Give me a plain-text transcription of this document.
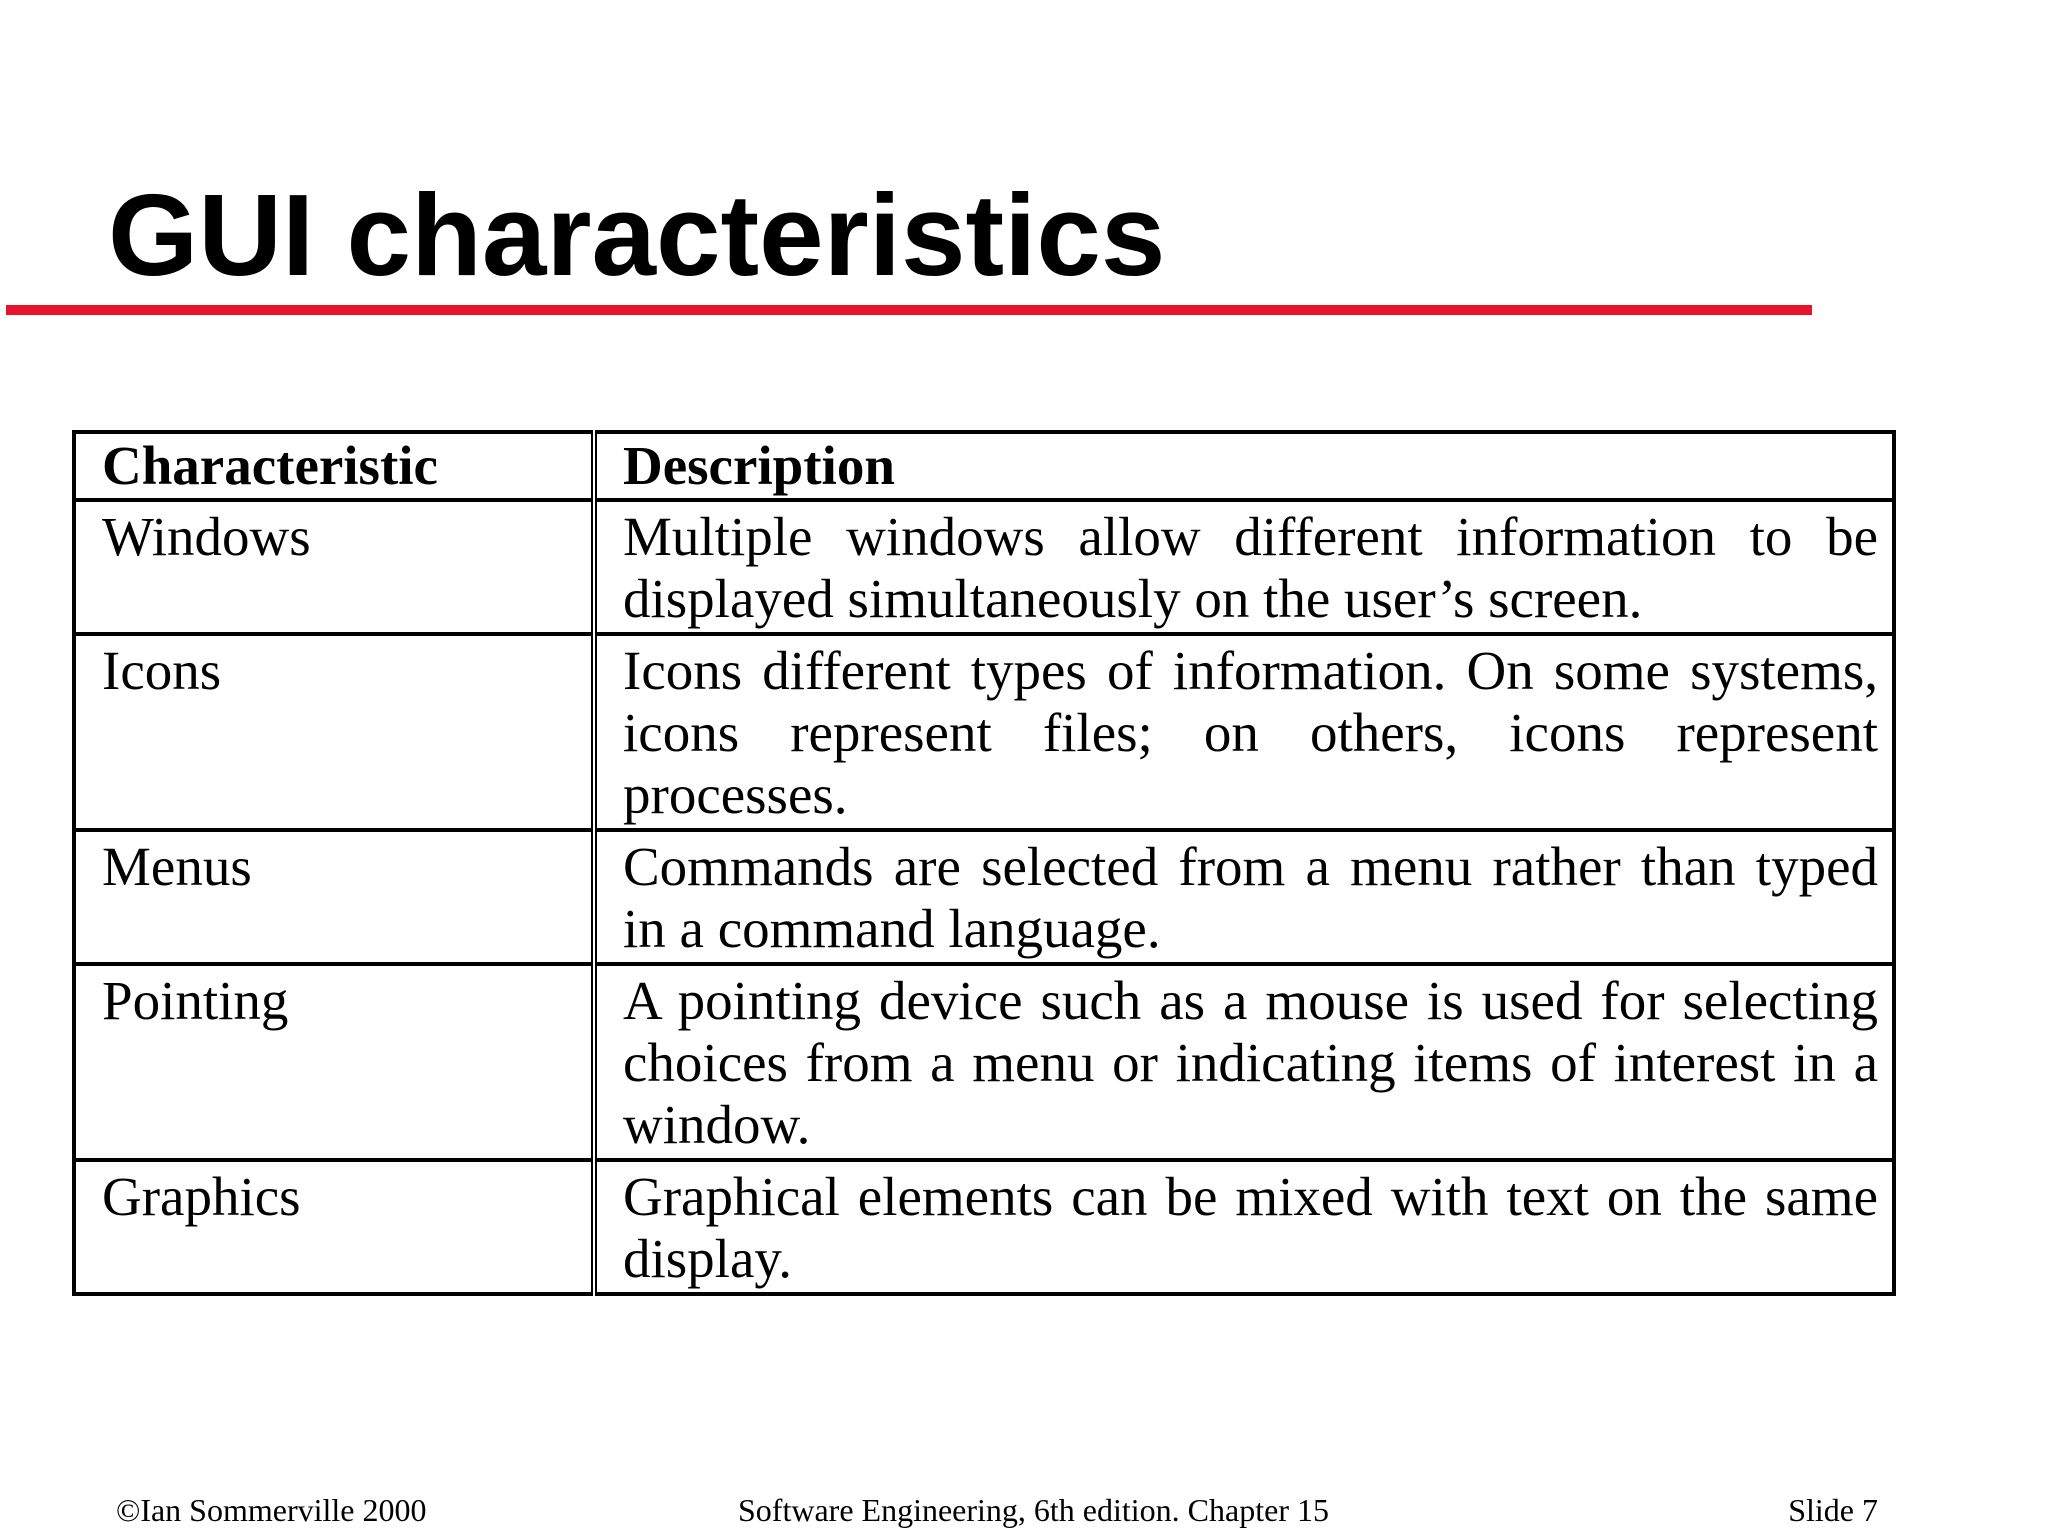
GUI characteristics
Characteristic	Description
Windows	Multiple windows allow different information to be displayed simultaneously on the user’s screen.
Icons	Icons different types of information. On some systems, icons represent files; on others, icons represent processes.
Menus	Commands are selected from a menu rather than typed in a command language.
Pointing	A pointing device such as a mouse is used for selecting choices from a menu or indicating items of interest in a window.
Graphics	Graphical elements can be mixed with text on the same display.
©Ian Sommerville 2000	Software Engineering, 6th edition. Chapter 15	Slide 7
